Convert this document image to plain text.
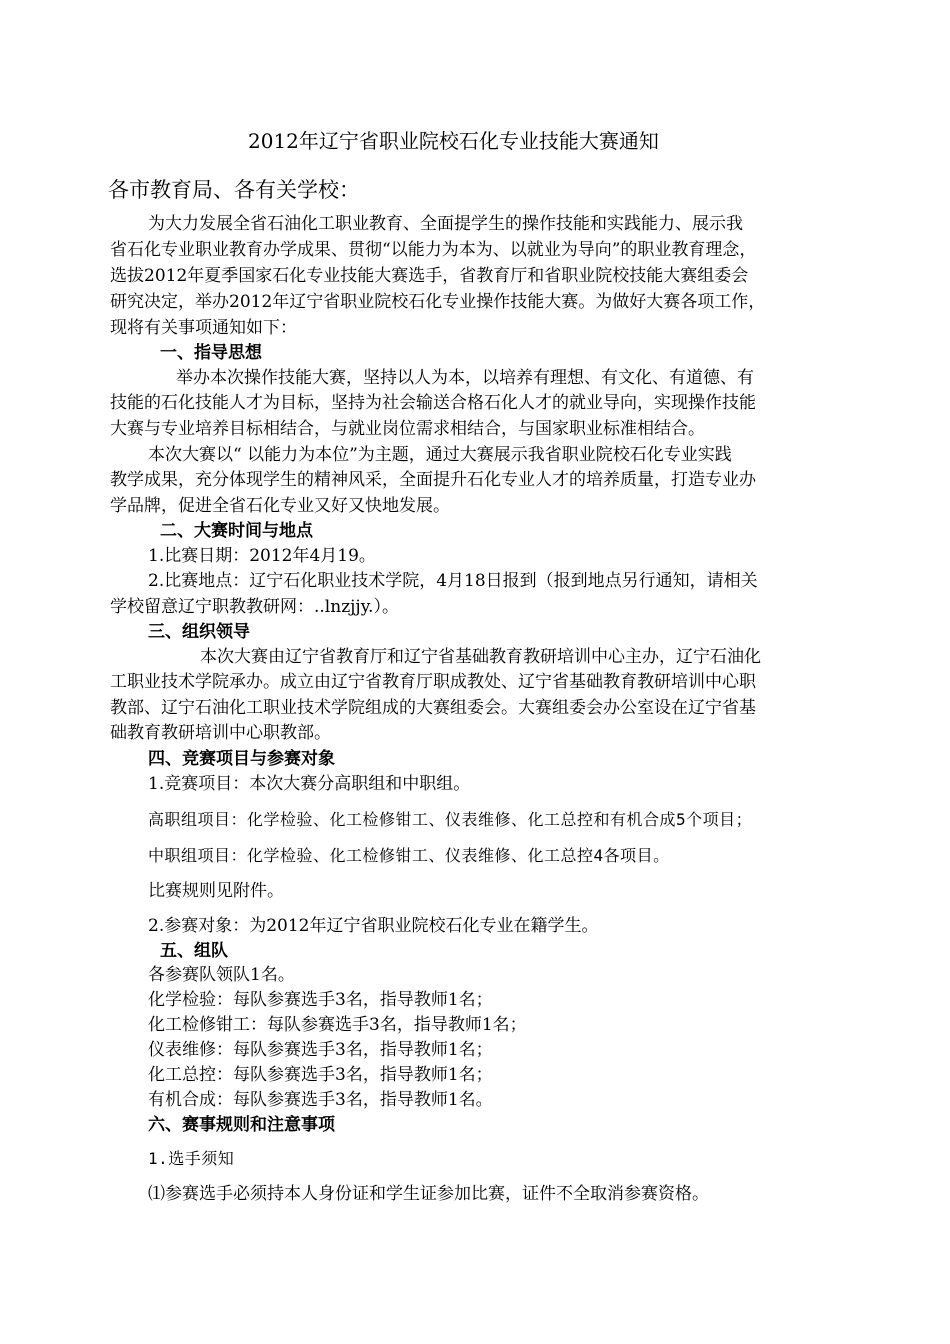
2012年辽宁省职业院校石化专业技能大赛通知
各市教育局、各有关学校：
为大力发展全省石油化工职业教育、全面提学生的操作技能和实践能力、展示我
省石化专业职业教育办学成果、贯彻“以能力为本为、以就业为导向”的职业教育理念，
选拔2012年夏季国家石化专业技能大赛选手，省教育厅和省职业院校技能大赛组委会
研究决定，举办2012年辽宁省职业院校石化专业操作技能大赛。为做好大赛各项工作，
现将有关事项通知如下：
一、指导思想
举办本次操作技能大赛，坚持以人为本，以培养有理想、有文化、有道德、有
技能的石化技能人才为目标，坚持为社会输送合格石化人才的就业导向，实现操作技能
大赛与专业培养目标相结合，与就业岗位需求相结合，与国家职业标准相结合。
本次大赛以“ 以能力为本位”为主题，通过大赛展示我省职业院校石化专业实践
教学成果，充分体现学生的精神风采，全面提升石化专业人才的培养质量，打造专业办
学品牌，促进全省石化专业又好又快地发展。
二、大赛时间与地点
1.比赛日期：2012年4月19。
2.比赛地点：辽宁石化职业技术学院，4月18日报到（报到地点另行通知，请相关
学校留意辽宁职教教研网：..lnzjjy.）。
三、组织领导
本次大赛由辽宁省教育厅和辽宁省基础教育教研培训中心主办，辽宁石油化
工职业技术学院承办。成立由辽宁省教育厅职成教处、辽宁省基础教育教研培训中心职
教部、辽宁石油化工职业技术学院组成的大赛组委会。大赛组委会办公室设在辽宁省基
础教育教研培训中心职教部。
四、竞赛项目与参赛对象
1.竞赛项目：本次大赛分高职组和中职组。
高职组项目：化学检验、化工检修钳工、仪表维修、化工总控和有机合成5个项目；
中职组项目：化学检验、化工检修钳工、仪表维修、化工总控4各项目。
比赛规则见附件。
2.参赛对象：为2012年辽宁省职业院校石化专业在籍学生。
五、组队
各参赛队领队1名。
化学检验：每队参赛选手3名，指导教师1名；
化工检修钳工：每队参赛选手3名，指导教师1名；
仪表维修：每队参赛选手3名，指导教师1名；
化工总控：每队参赛选手3名，指导教师1名；
有机合成：每队参赛选手3名，指导教师1名。
六、赛事规则和注意事项
1.选手须知
⑴参赛选手必须持本人身份证和学生证参加比赛，证件不全取消参赛资格。
